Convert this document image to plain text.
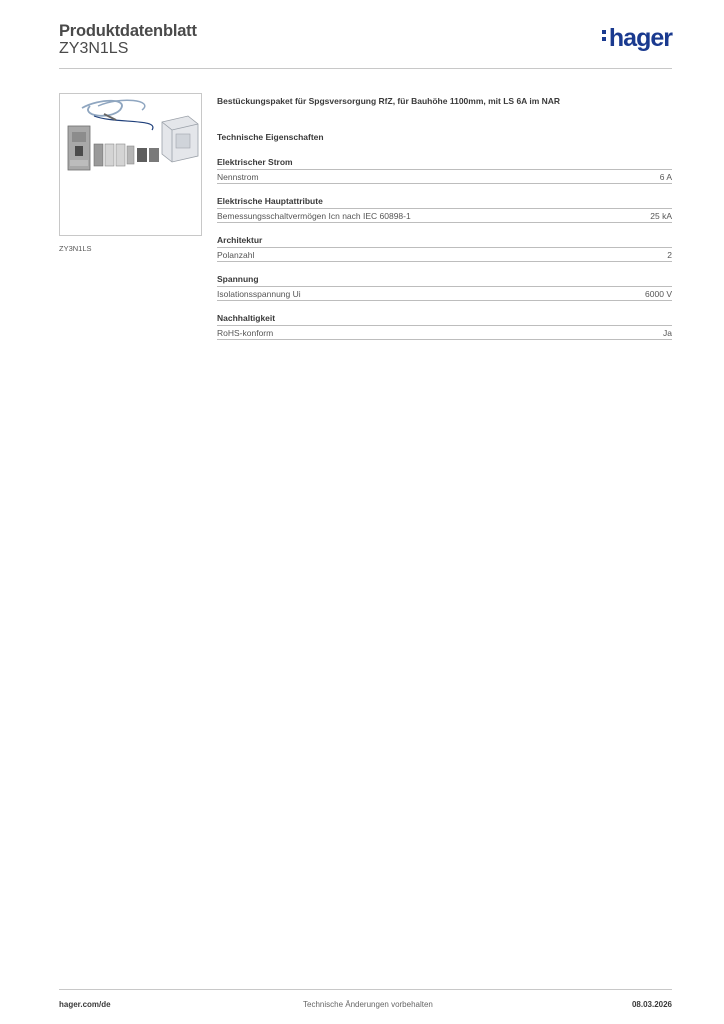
Produktdatenblatt
ZY3N1LS	hager
ZY3N1LS

Bestückungspaket für Spgsversorgung RfZ, für Bauhöhe 1100mm, mit LS 6A im NAR

Technische Eigenschaften
Elektrischer Strom
Nennstrom	6 A
Elektrische Hauptattribute
Bemessungsschaltvermögen Icn nach IEC 60898-1	25 kA
Architektur
Polanzahl	2
Spannung
Isolationsspannung Ui	6000 V
Nachhaltigkeit
RoHS-konform	Ja
hager.com/de	Technische Änderungen vorbehalten	08.03.2026
